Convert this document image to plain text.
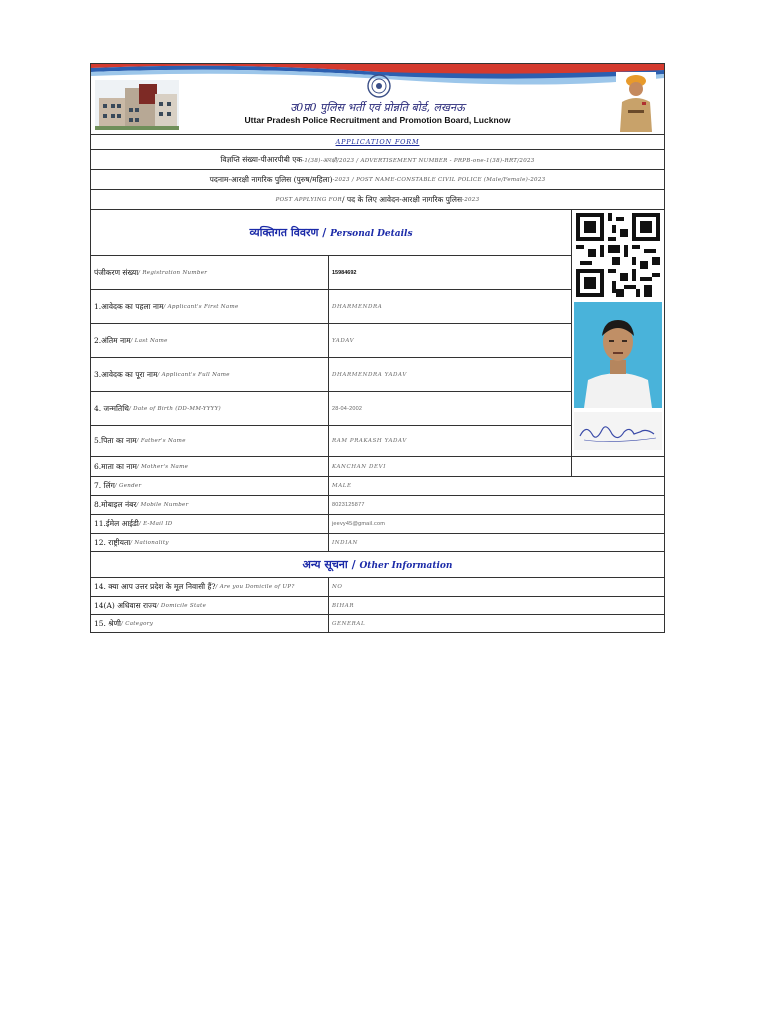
उ0प्र0 पुलिस भर्ती एवं प्रोन्नति बोर्ड, लखनऊ
Uttar Pradesh Police Recruitment and Promotion Board, Lucknow
APPLICATION FORM
विज्ञप्ति संख्या-पीआरपीबी एक -1(38)-आरक्षी/2023 / ADVERTISEMENT NUMBER - PRPB-one-1(38)-RRT/2023
पदनाम-आरक्षी नागरिक पुलिस (पुरुष/महिला) -2023 / POST NAME-CONSTABLE CIVIL POLICE (Male/Female)-2023
POST APPLYING FOR / पद के लिए आवेदन-आरक्षी नागरिक पुलिस -2023
व्यक्तिगत विवरण / Personal Details
पंजीकरण संख्या / Registration Number	15984692
1.आवेदक का पहला नाम / Applicant's First Name	DHARMENDRA
2.अंतिम नाम / Last Name	YADAV
3.आवेदक का पूरा नाम / Applicant's Full Name	DHARMENDRA YADAV
4. जन्मतिथि / Date of Birth (DD-MM-YYYY)	28-04-2002
5.पिता का नाम / Father's Name	RAM PRAKASH YADAV
6.माता का नाम / Mother's Name	KANCHAN DEVI
7. लिंग / Gender	MALE
8.मोबाइल नंबर / Mobile Number	8023125877
11.ईमेल आईडी / E-Mail ID	jeevy45@gmail.com
12. राष्ट्रीयता / Nationality	INDIAN
अन्य सूचना / Other Information
14. क्या आप उत्तर प्रदेश के मूल निवासी हैं? / Are you Domicile of UP?	NO
14(A) अधिवास राज्य / Domicile State	BIHAR
15. श्रेणी / Category	GENERAL
